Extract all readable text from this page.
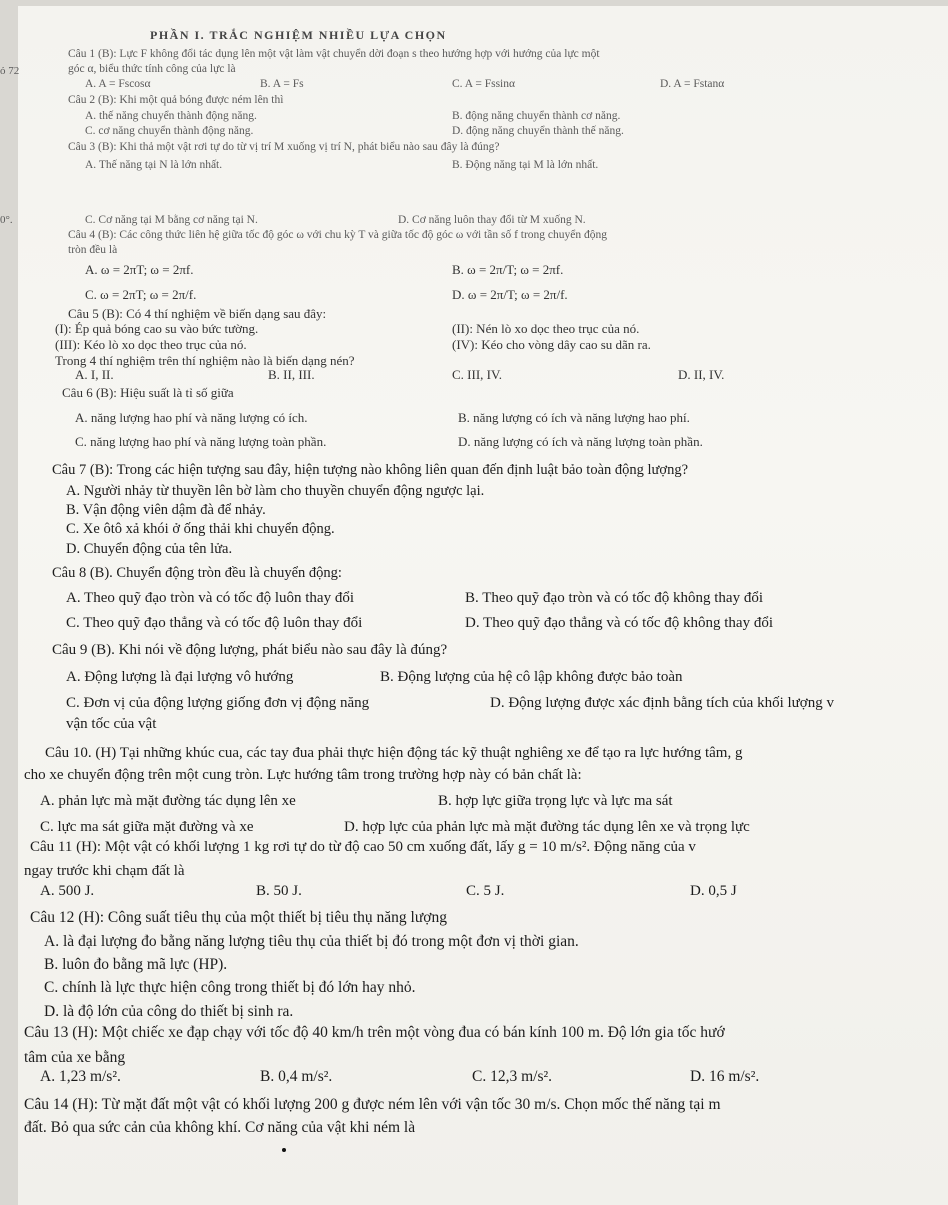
PHẦN I. TRẮC NGHIỆM NHIỀU LỰA CHỌN
ỏ 72
0°.
Câu 1 (B): Lực F không đổi tác dụng lên một vật làm vật chuyển dời đoạn s theo hướng hợp với hướng của lực một
góc α, biểu thức tính công của lực là
A. A = Fscosα	B. A = Fs	C. A = Fssinα	D. A = Fstanα
Câu 2 (B): Khi một quả bóng được ném lên thì
A. thế năng chuyển thành động năng.	B. động năng chuyển thành cơ năng.
C. cơ năng chuyển thành động năng.	D. động năng chuyển thành thế năng.
Câu 3 (B): Khi thả một vật rơi tự do từ vị trí M xuống vị trí N, phát biểu nào sau đây là đúng?
A. Thế năng tại N là lớn nhất.	B. Động năng tại M là lớn nhất.
C. Cơ năng tại M bằng cơ năng tại N.	D. Cơ năng luôn thay đổi từ M xuống N.
Câu 4 (B): Các công thức liên hệ giữa tốc độ góc ω với chu kỳ T và giữa tốc độ góc ω với tần số f trong chuyển động
tròn đều là
A. ω = 2πT; ω = 2πf.	B. ω = 2π/T; ω = 2πf.
C. ω = 2πT; ω = 2π/f.	D. ω = 2π/T; ω = 2π/f.
Câu 5 (B): Có 4 thí nghiệm về biến dạng sau đây:
(I): Ép quả bóng cao su vào bức tường.	(II): Nén lò xo dọc theo trục của nó.
(III): Kéo lò xo dọc theo trục của nó.	(IV): Kéo cho vòng dây cao su dãn ra.
Trong 4 thí nghiệm trên thí nghiệm nào là biến dạng nén?
A. I, II.	B. II, III.	C. III, IV.	D. II, IV.
Câu 6 (B): Hiệu suất là tỉ số giữa
A. năng lượng hao phí và năng lượng có ích.	B. năng lượng có ích và năng lượng hao phí.
C. năng lượng hao phí và năng lượng toàn phần.	D. năng lượng có ích và năng lượng toàn phần.
Câu 7 (B): Trong các hiện tượng sau đây, hiện tượng nào không liên quan đến định luật bảo toàn động lượng?
A. Người nhảy từ thuyền lên bờ làm cho thuyền chuyển động ngược lại.
B. Vận động viên dậm đà để nhảy.
C. Xe ôtô xả khói ở ống thải khi chuyển động.
D. Chuyển động của tên lửa.
Câu 8 (B). Chuyển động tròn đều là chuyển động:
A. Theo quỹ đạo tròn và có tốc độ luôn thay đổi	B. Theo quỹ đạo tròn và có tốc độ không thay đổi
C. Theo quỹ đạo thẳng và có tốc độ luôn thay đổi	D. Theo quỹ đạo thẳng và có tốc độ không thay đổi
Câu 9 (B). Khi nói về động lượng, phát biểu nào sau đây là đúng?
A. Động lượng là đại lượng vô hướng	B. Động lượng của hệ cô lập không được bảo toàn
C. Đơn vị của động lượng giống đơn vị động năng	D. Động lượng được xác định bằng tích của khối lượng v
vận tốc của vật
Câu 10. (H) Tại những khúc cua, các tay đua phải thực hiện động tác kỹ thuật nghiêng xe để tạo ra lực hướng tâm, g
cho xe chuyển động trên một cung tròn. Lực hướng tâm trong trường hợp này có bản chất là:
A. phản lực mà mặt đường tác dụng lên xe	B. hợp lực giữa trọng lực và lực ma sát
C. lực ma sát giữa mặt đường và xe	D. hợp lực của phản lực mà mặt đường tác dụng lên xe và trọng lực
Câu 11 (H): Một vật có khối lượng 1 kg rơi tự do từ độ cao 50 cm xuống đất, lấy g = 10 m/s². Động năng của v
ngay trước khi chạm đất là
A. 500 J.	B. 50 J.	C. 5 J.	D. 0,5 J
Câu 12 (H): Công suất tiêu thụ của một thiết bị tiêu thụ năng lượng
A. là đại lượng đo bằng năng lượng tiêu thụ của thiết bị đó trong một đơn vị thời gian.
B. luôn đo bằng mã lực (HP).
C. chính là lực thực hiện công trong thiết bị đó lớn hay nhỏ.
D. là độ lớn của công do thiết bị sinh ra.
Câu 13 (H): Một chiếc xe đạp chạy với tốc độ 40 km/h trên một vòng đua có bán kính 100 m. Độ lớn gia tốc hướ
tâm của xe bằng
A. 1,23 m/s².	B. 0,4 m/s².	C. 12,3 m/s².	D. 16 m/s².
Câu 14 (H): Từ mặt đất một vật có khối lượng 200 g được ném lên với vận tốc 30 m/s. Chọn mốc thế năng tại m
đất. Bỏ qua sức cản của không khí. Cơ năng của vật khi ném là
